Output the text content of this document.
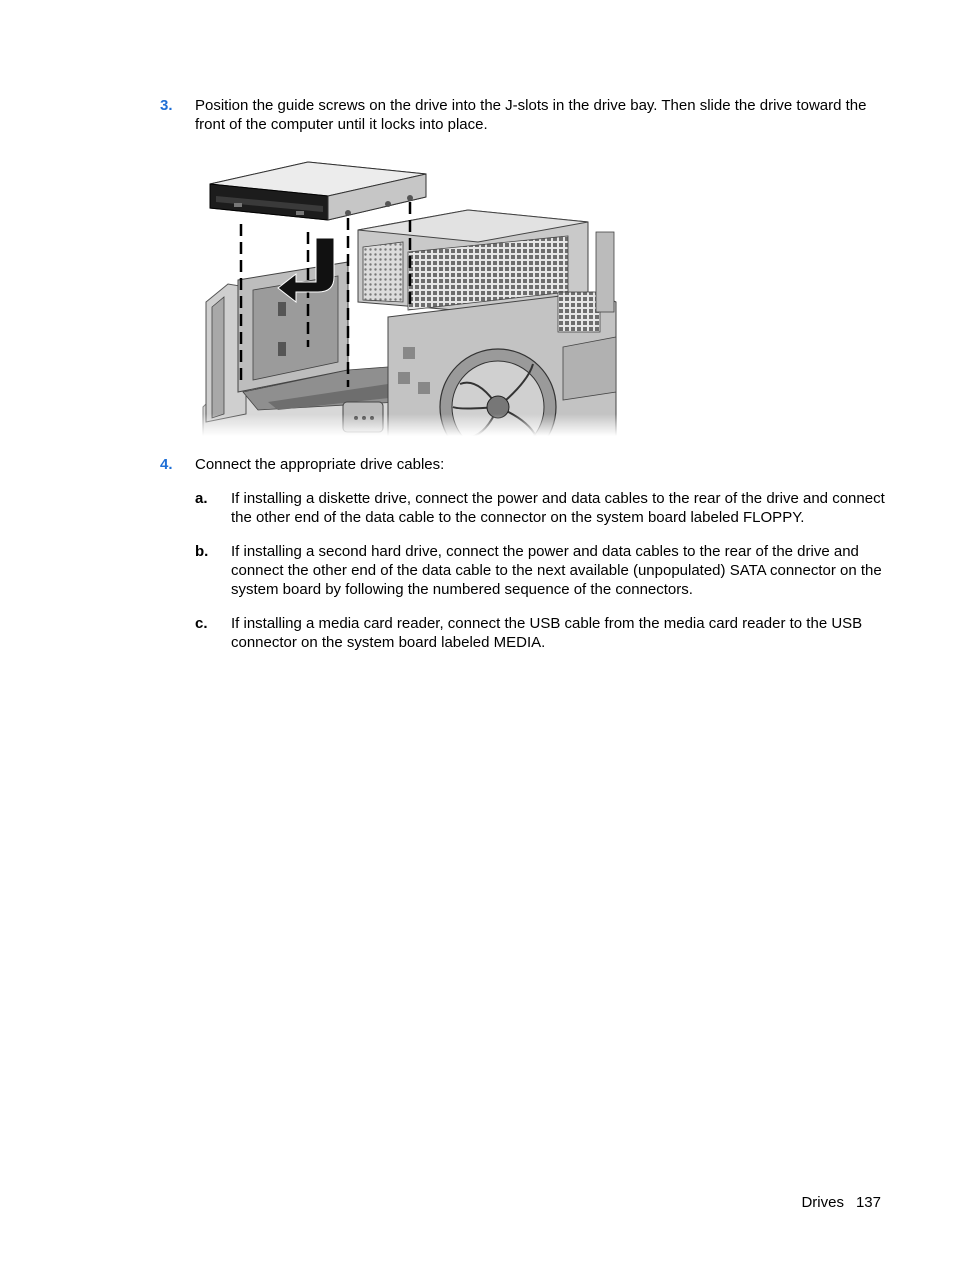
3. Position the guide screws on the drive into the J-slots in the drive bay. Then slide the drive toward the front of the computer until it locks into place.
4. Connect the appropriate drive cables:
a. If installing a diskette drive, connect the power and data cables to the rear of the drive and connect the other end of the data cable to the connector on the system board labeled FLOPPY.
b. If installing a second hard drive, connect the power and data cables to the rear of the drive and connect the other end of the data cable to the next available (unpopulated) SATA connector on the system board by following the numbered sequence of the connectors.
c. If installing a media card reader, connect the USB cable from the media card reader to the USB connector on the system board labeled MEDIA.
Drives 137
